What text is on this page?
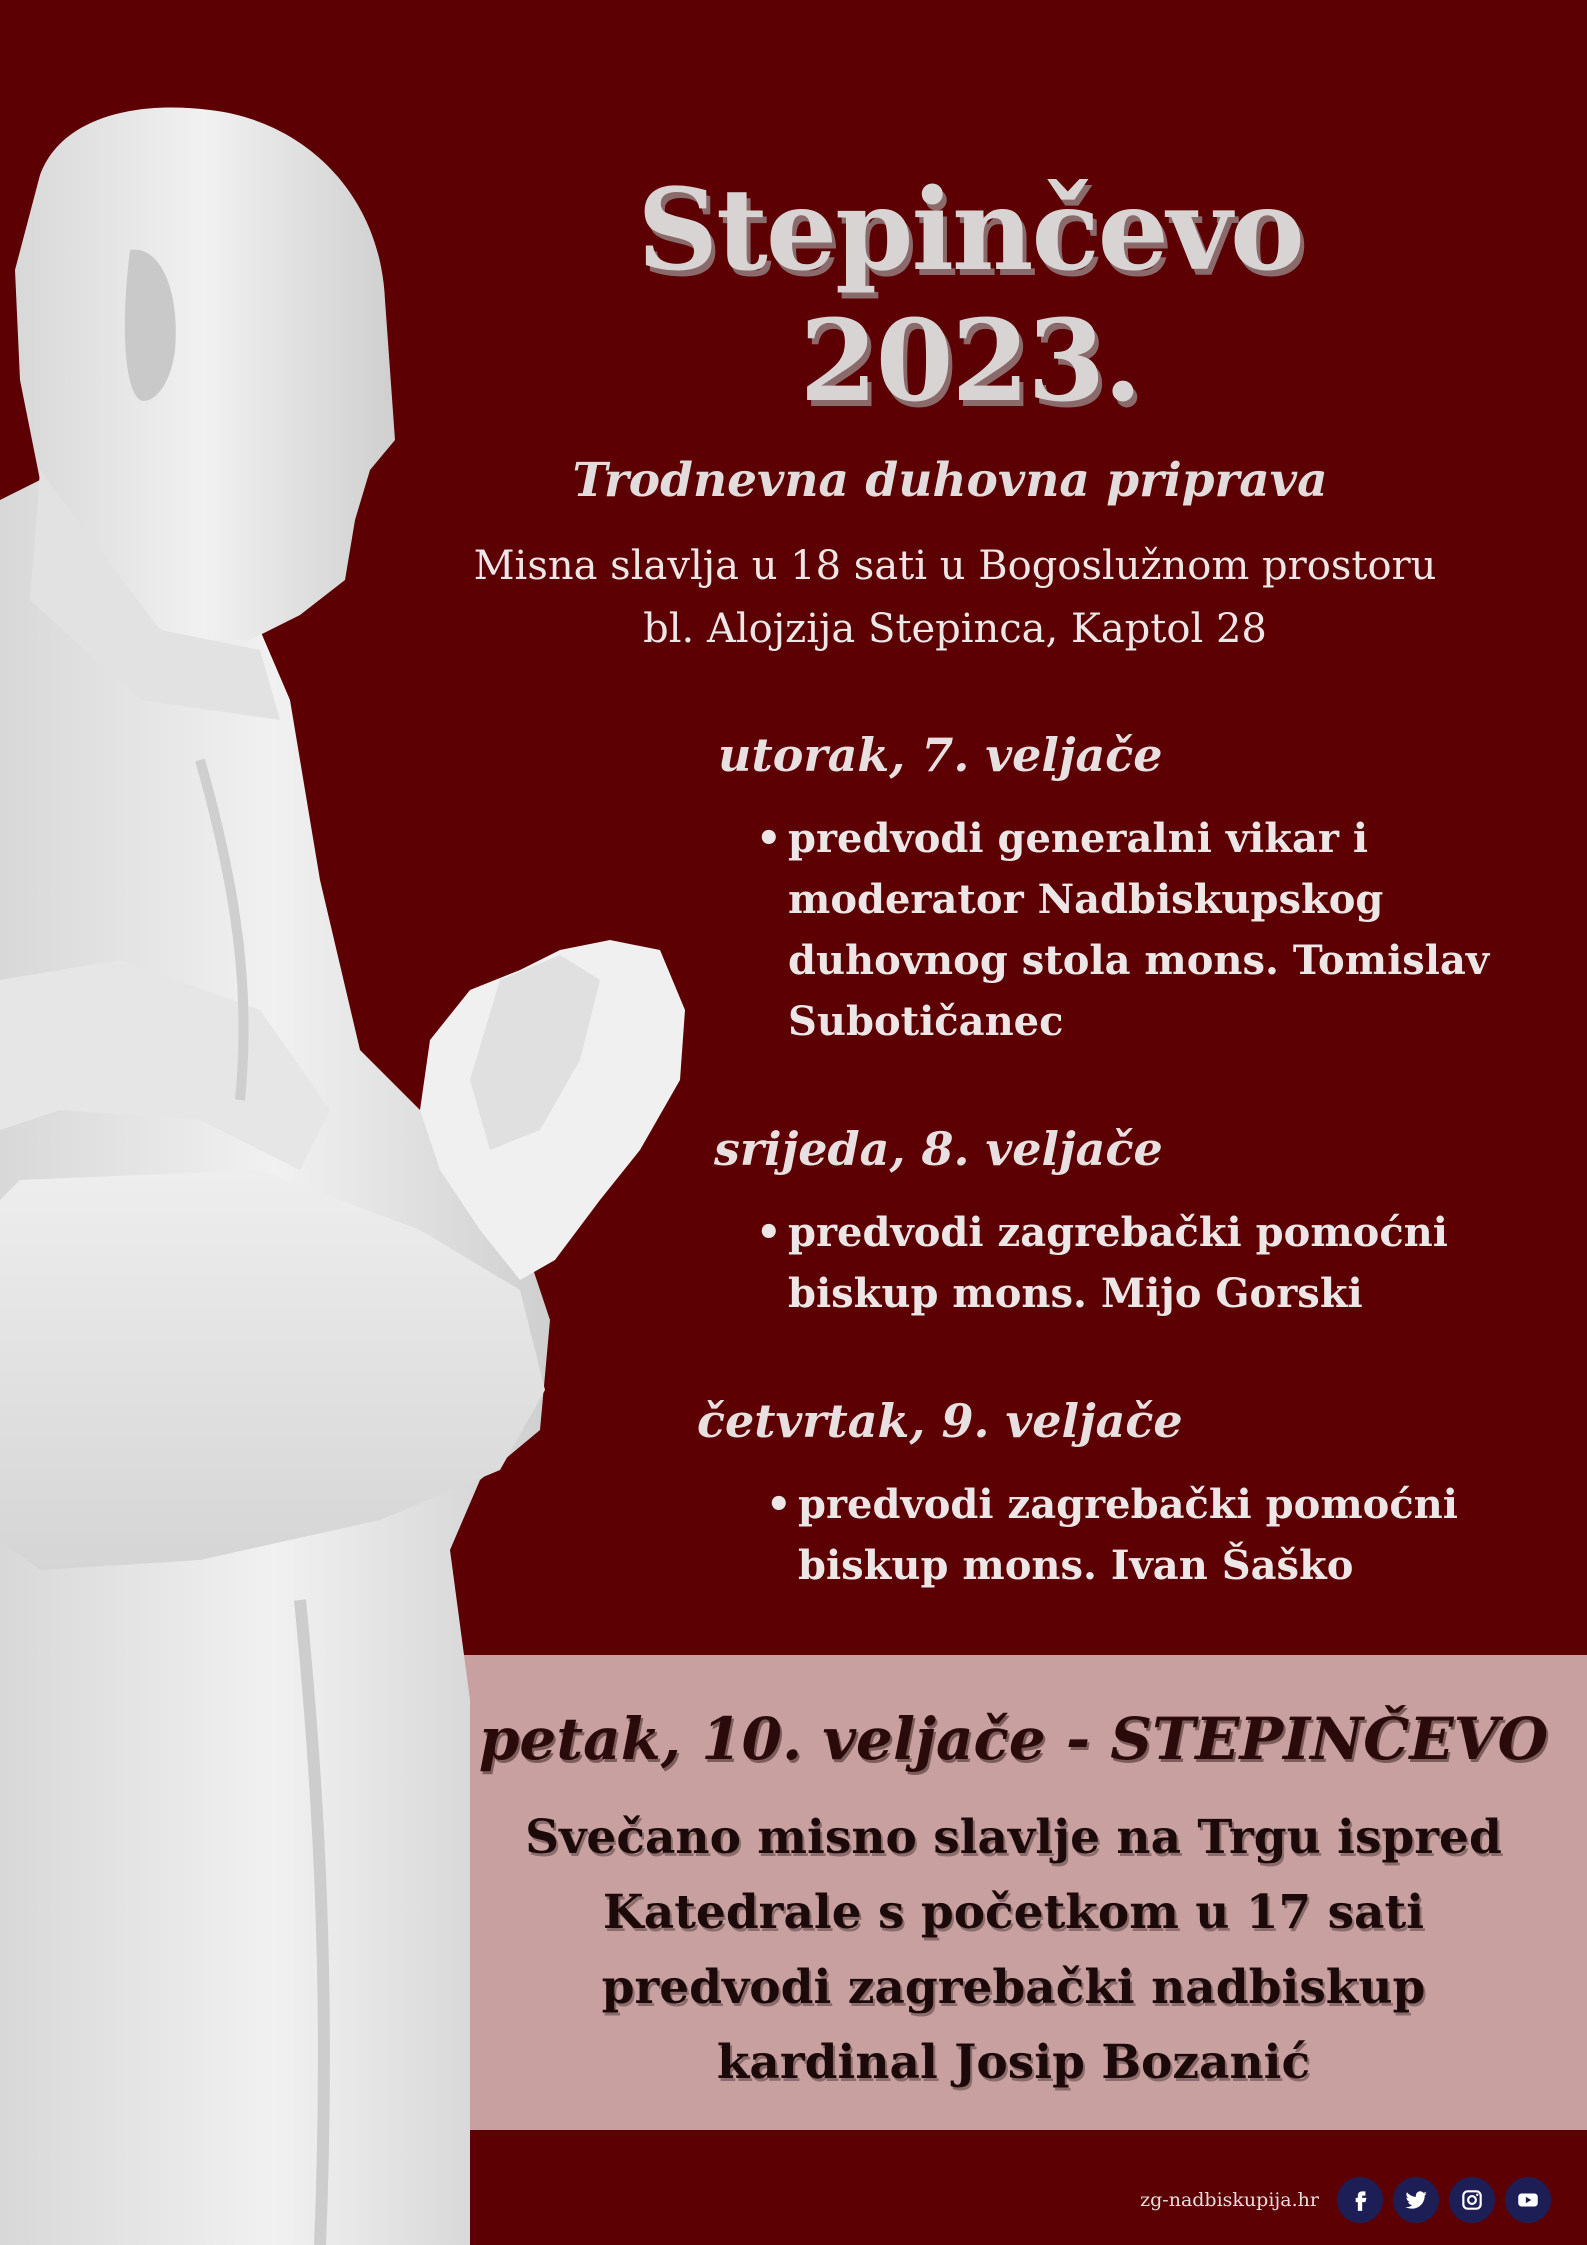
Stepinčevo 2023.
Trodnevna duhovna priprava
Misna slavlja u 18 sati u Bogoslužnom prostoru
bl. Alojzija Stepinca, Kaptol 28
utorak, 7. veljače
• predvodi generalni vikar i
moderator Nadbiskupskog
duhovnog stola mons. Tomislav
Subotičanec
srijeda, 8. veljače
• predvodi zagrebački pomoćni
biskup mons. Mijo Gorski
četvrtak, 9. veljače
• predvodi zagrebački pomoćni
biskup mons. Ivan Šaško
petak, 10. veljače - STEPINČEVO
Svečano misno slavlje na Trgu ispred
Katedrale s početkom u 17 sati
predvodi zagrebački nadbiskup
kardinal Josip Bozanić
zg-nadbiskupija.hr
